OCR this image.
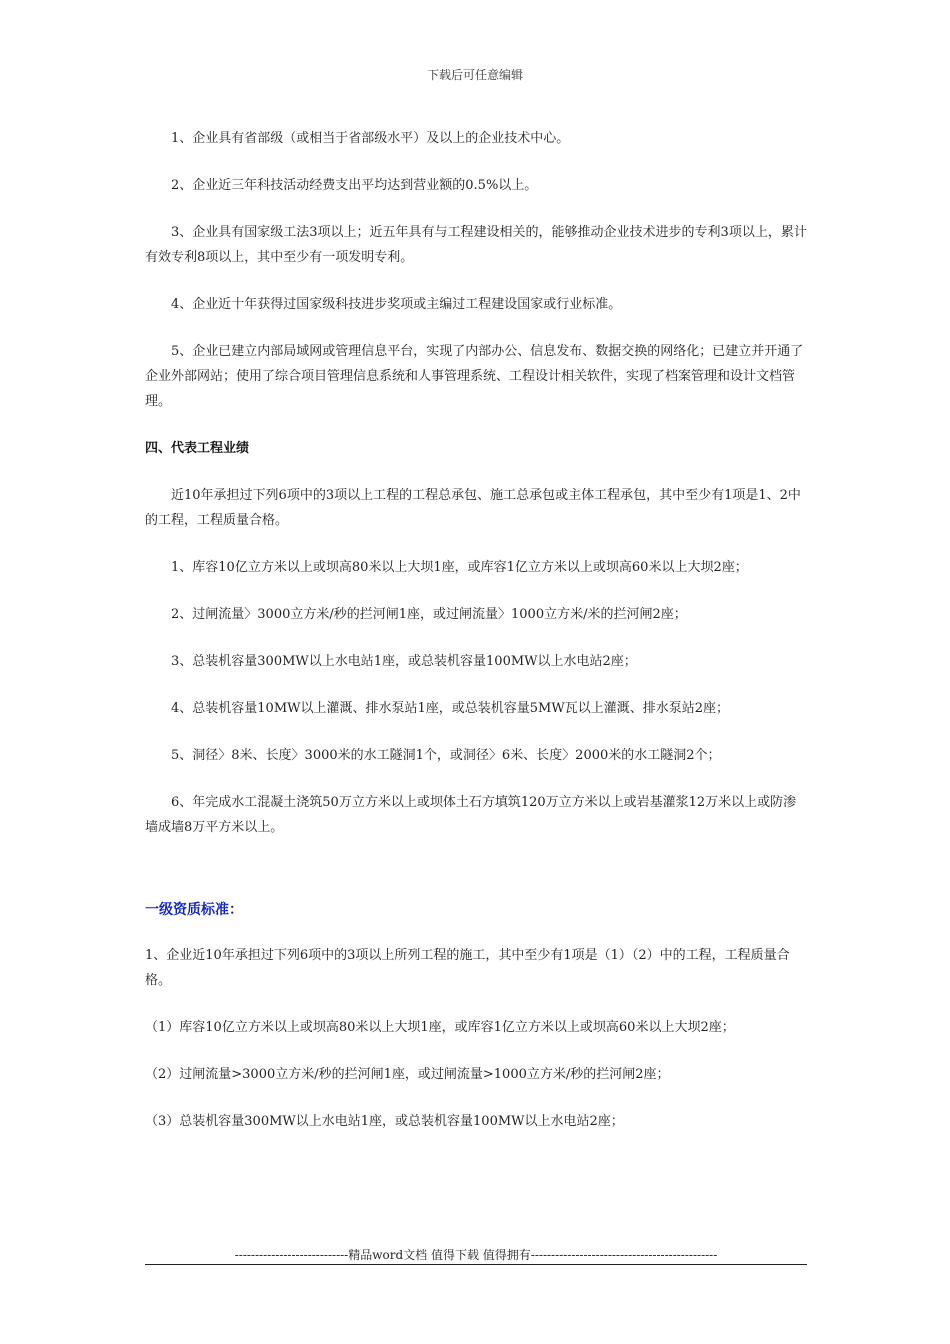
下载后可任意编辑

1、企业具有省部级（或相当于省部级水平）及以上的企业技术中心。

2、企业近三年科技活动经费支出平均达到营业额的0.5%以上。

3、企业具有国家级工法3项以上；近五年具有与工程建设相关的，能够推动企业技术进步的专利3项以上，累计有效专利8项以上，其中至少有一项发明专利。

4、企业近十年获得过国家级科技进步奖项或主编过工程建设国家或行业标准。

5、企业已建立内部局域网或管理信息平台，实现了内部办公、信息发布、数据交换的网络化；已建立并开通了企业外部网站；使用了综合项目管理信息系统和人事管理系统、工程设计相关软件，实现了档案管理和设计文档管理。

四、代表工程业绩

近10年承担过下列6项中的3项以上工程的工程总承包、施工总承包或主体工程承包，其中至少有1项是1、2中的工程，工程质量合格。

1、库容10亿立方米以上或坝高80米以上大坝1座，或库容1亿立方米以上或坝高60米以上大坝2座；

2、过闸流量〉3000立方米/秒的拦河闸1座，或过闸流量〉1000立方米/米的拦河闸2座；

3、总装机容量300MW以上水电站1座，或总装机容量100MW以上水电站2座；

4、总装机容量10MW以上灌溉、排水泵站1座，或总装机容量5MW瓦以上灌溉、排水泵站2座；

5、洞径〉8米、长度〉3000米的水工隧洞1个，或洞径〉6米、长度〉2000米的水工隧洞2个；

6、年完成水工混凝土浇筑50万立方米以上或坝体土石方填筑120万立方米以上或岩基灌浆12万米以上或防渗墙成墙8万平方米以上。

一级资质标准：

1、企业近10年承担过下列6项中的3项以上所列工程的施工，其中至少有1项是（1）（2）中的工程，工程质量合格。

（1）库容10亿立方米以上或坝高80米以上大坝1座，或库容1亿立方米以上或坝高60米以上大坝2座；

（2）过闸流量>3000立方米/秒的拦河闸1座，或过闸流量>1000立方米/秒的拦河闸2座；

（3）总装机容量300MW以上水电站1座，或总装机容量100MW以上水电站2座；

----------------------------精品word文档 值得下载 值得拥有----------------------------------------------
